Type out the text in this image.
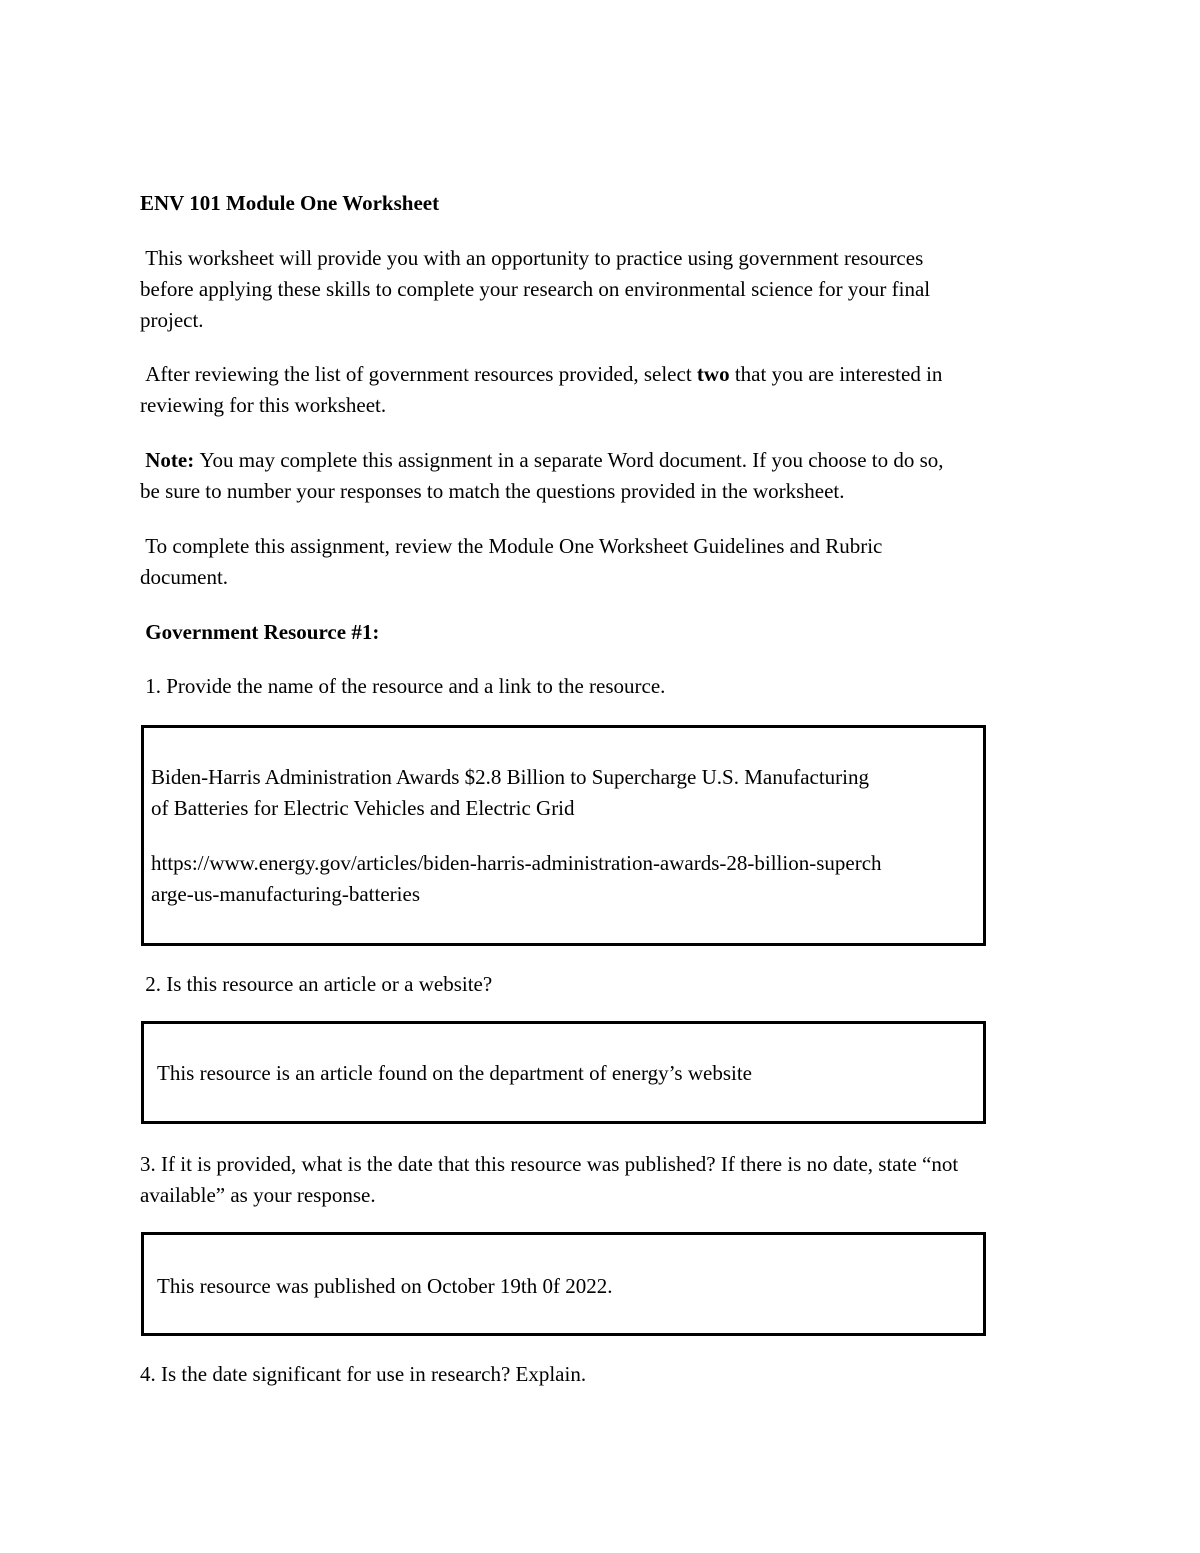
ENV 101 Module One Worksheet

This worksheet will provide you with an opportunity to practice using government resources

before applying these skills to complete your research on environmental science for your final

project.

After reviewing the list of government resources provided, select two that you are interested in

reviewing for this worksheet.

Note: You may complete this assignment in a separate Word document. If you choose to do so,

be sure to number your responses to match the questions provided in the worksheet.

To complete this assignment, review the Module One Worksheet Guidelines and Rubric

document.

Government Resource #1:

1. Provide the name of the resource and a link to the resource.

Biden-Harris Administration Awards $2.8 Billion to Supercharge U.S. Manufacturing

of Batteries for Electric Vehicles and Electric Grid

https://www.energy.gov/articles/biden-harris-administration-awards-28-billion-superch

arge-us-manufacturing-batteries

2. Is this resource an article or a website?

This resource is an article found on the department of energy’s website

3. If it is provided, what is the date that this resource was published? If there is no date, state “not

available” as your response.

This resource was published on October 19th 0f 2022.

4. Is the date significant for use in research? Explain.
